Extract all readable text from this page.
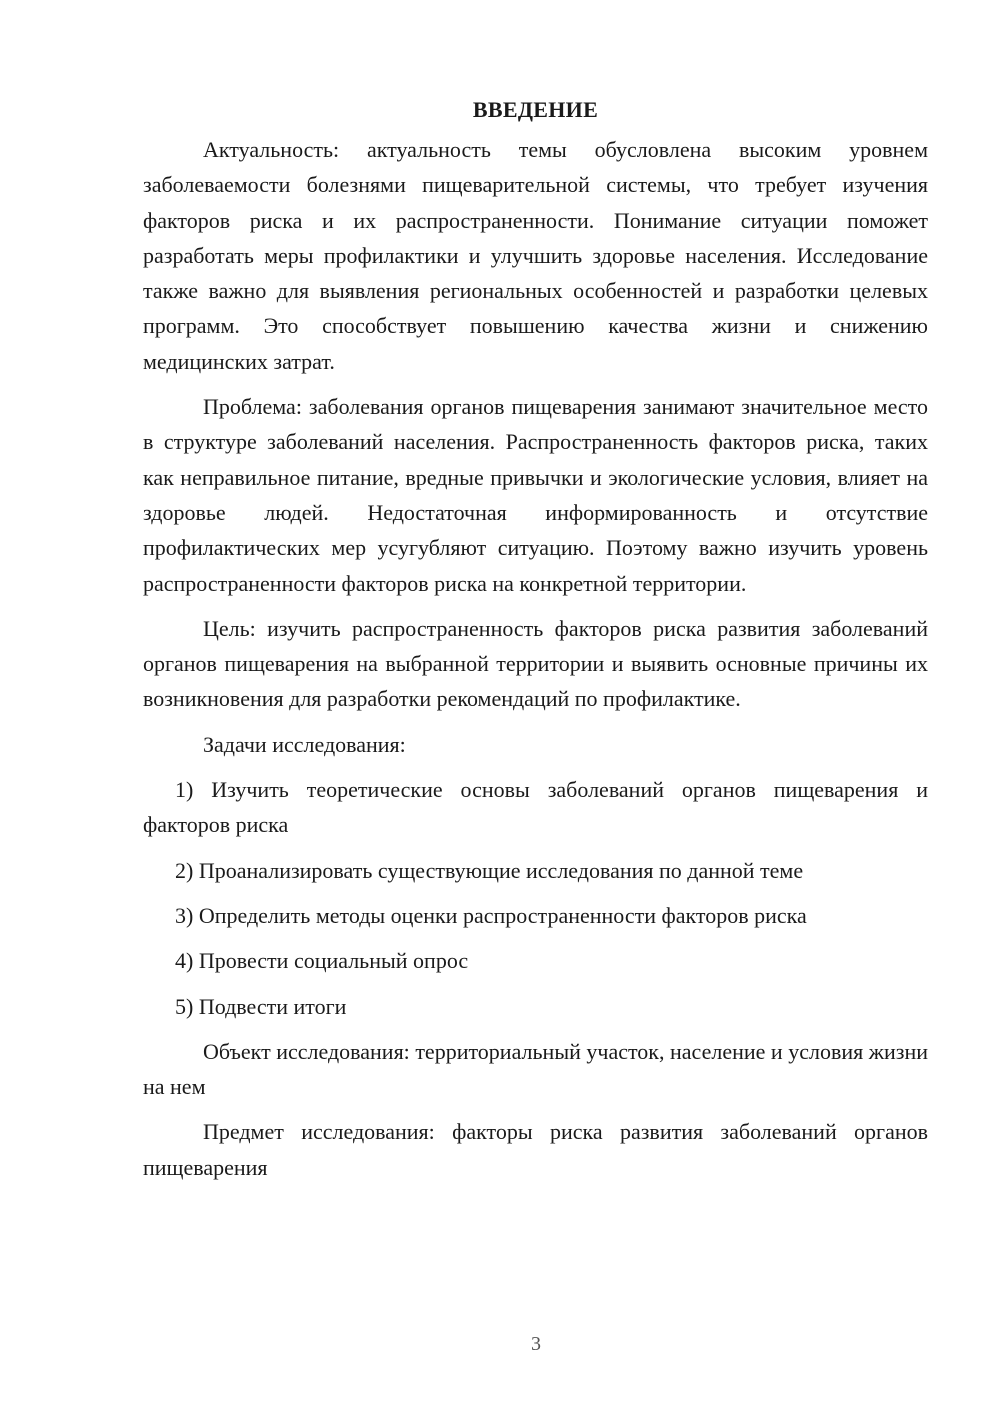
ВВЕДЕНИЕ

Актуальность: актуальность темы обусловлена высоким уровнем заболеваемости болезнями пищеварительной системы, что требует изучения факторов риска и их распространенности. Понимание ситуации поможет разработать меры профилактики и улучшить здоровье населения. Исследование также важно для выявления региональных особенностей и разработки целевых программ. Это способствует повышению качества жизни и снижению медицинских затрат.

Проблема: заболевания органов пищеварения занимают значительное место в структуре заболеваний населения. Распространенность факторов риска, таких как неправильное питание, вредные привычки и экологические условия, влияет на здоровье людей. Недостаточная информированность и отсутствие профилактических мер усугубляют ситуацию. Поэтому важно изучить уровень распространенности факторов риска на конкретной территории.

Цель: изучить распространенность факторов риска развития заболеваний органов пищеварения на выбранной территории и выявить основные причины их возникновения для разработки рекомендаций по профилактике.

Задачи исследования:

1) Изучить теоретические основы заболеваний органов пищеварения и факторов риска

2) Проанализировать существующие исследования по данной теме

3) Определить методы оценки распространенности факторов риска

4) Провести социальный опрос

5) Подвести итоги

Объект исследования: территориальный участок, население и условия жизни на нем

Предмет исследования: факторы риска развития заболеваний органов пищеварения

3
